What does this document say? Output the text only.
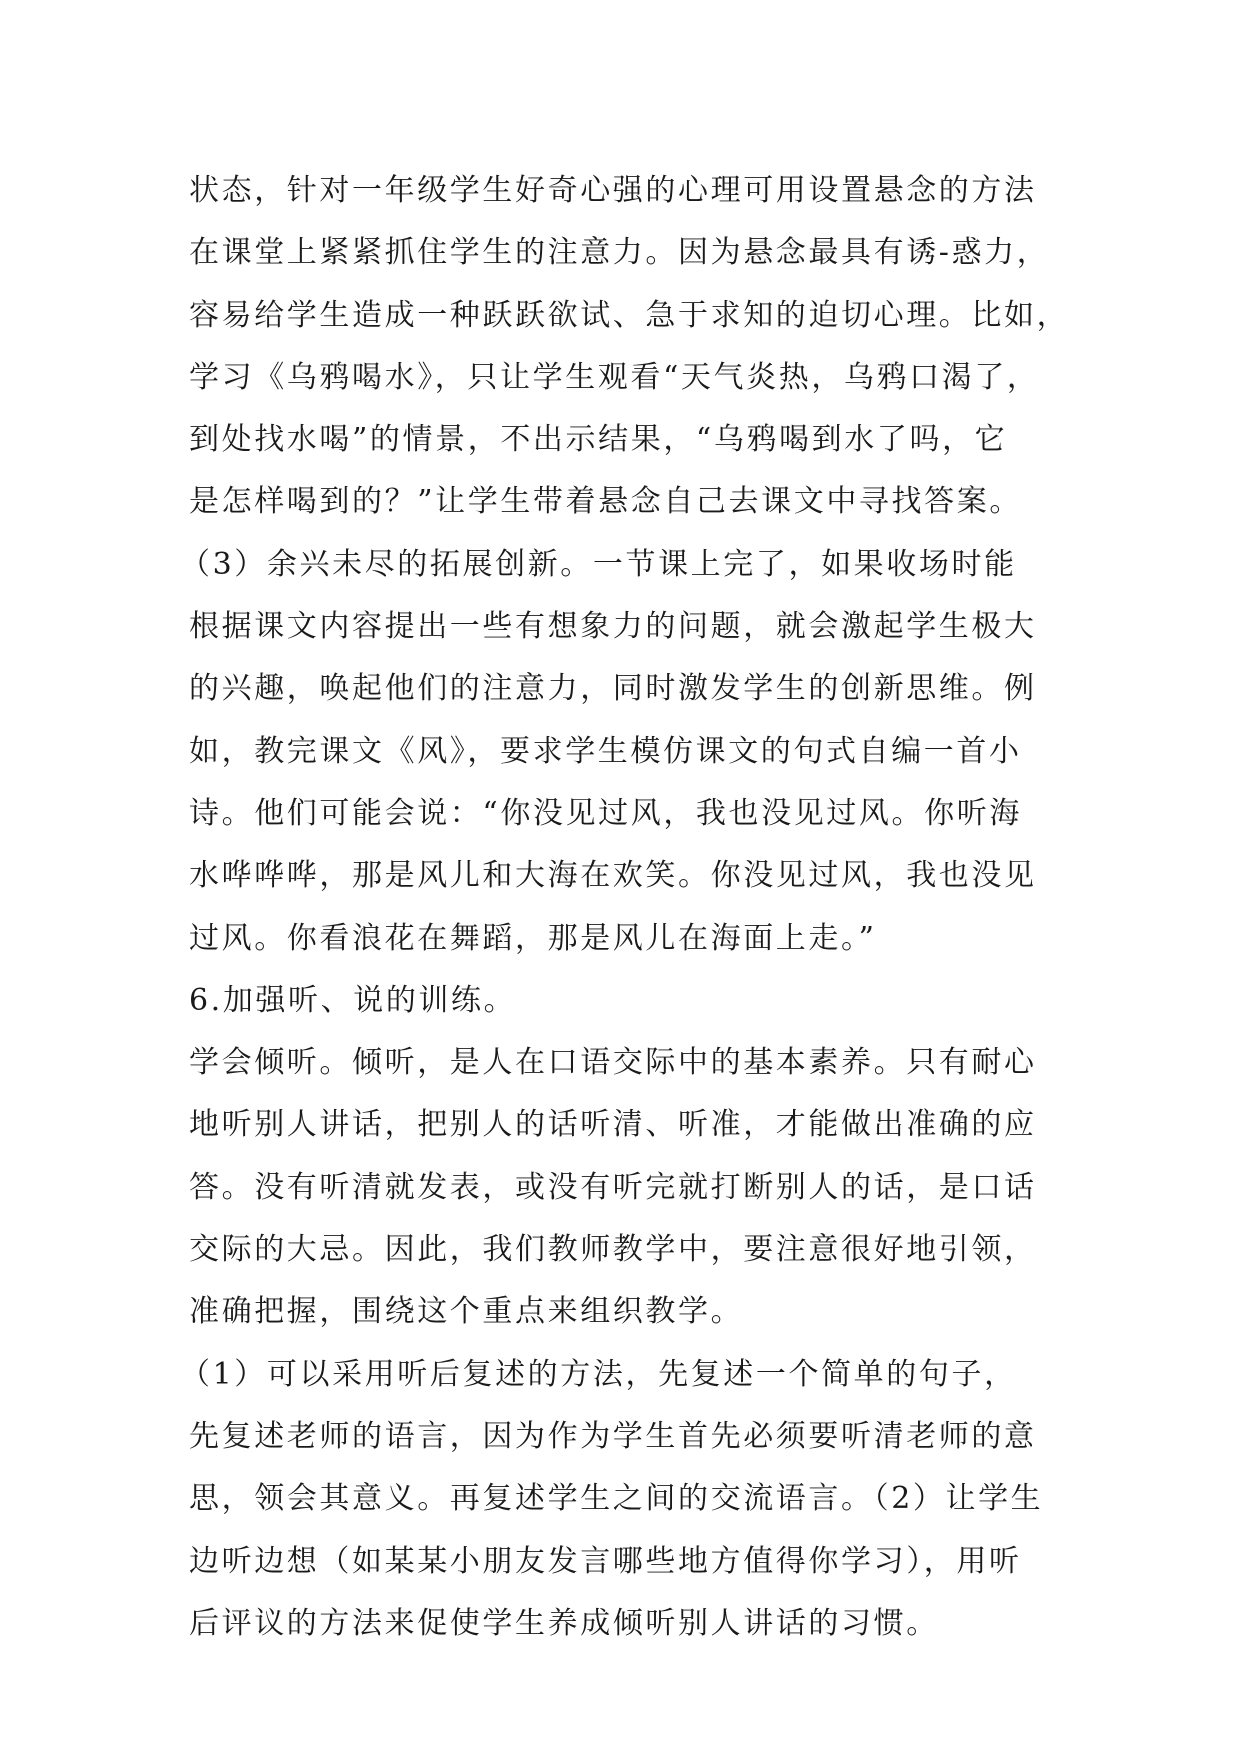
状态，针对一年级学生好奇心强的心理可用设置悬念的方法
在课堂上紧紧抓住学生的注意力。因为悬念最具有诱-惑力，
容易给学生造成一种跃跃欲试、急于求知的迫切心理。比如，
学习《乌鸦喝水》，只让学生观看“天气炎热，乌鸦口渴了，
到处找水喝”的情景，不出示结果，“乌鸦喝到水了吗，它
是怎样喝到的？”让学生带着悬念自己去课文中寻找答案。
（3）余兴未尽的拓展创新。一节课上完了，如果收场时能
根据课文内容提出一些有想象力的问题，就会激起学生极大
的兴趣，唤起他们的注意力，同时激发学生的创新思维。例
如，教完课文《风》，要求学生模仿课文的句式自编一首小
诗。他们可能会说：“你没见过风，我也没见过风。你听海
水哗哗哗，那是风儿和大海在欢笑。你没见过风，我也没见
过风。你看浪花在舞蹈，那是风儿在海面上走。”
6.加强听、说的训练。
学会倾听。倾听，是人在口语交际中的基本素养。只有耐心
地听别人讲话，把别人的话听清、听准，才能做出准确的应
答。没有听清就发表，或没有听完就打断别人的话，是口话
交际的大忌。因此，我们教师教学中，要注意很好地引领，
准确把握，围绕这个重点来组织教学。
（1）可以采用听后复述的方法，先复述一个简单的句子，
先复述老师的语言，因为作为学生首先必须要听清老师的意
思，领会其意义。再复述学生之间的交流语言。（2）让学生
边听边想（如某某小朋友发言哪些地方值得你学习），用听
后评议的方法来促使学生养成倾听别人讲话的习惯。
